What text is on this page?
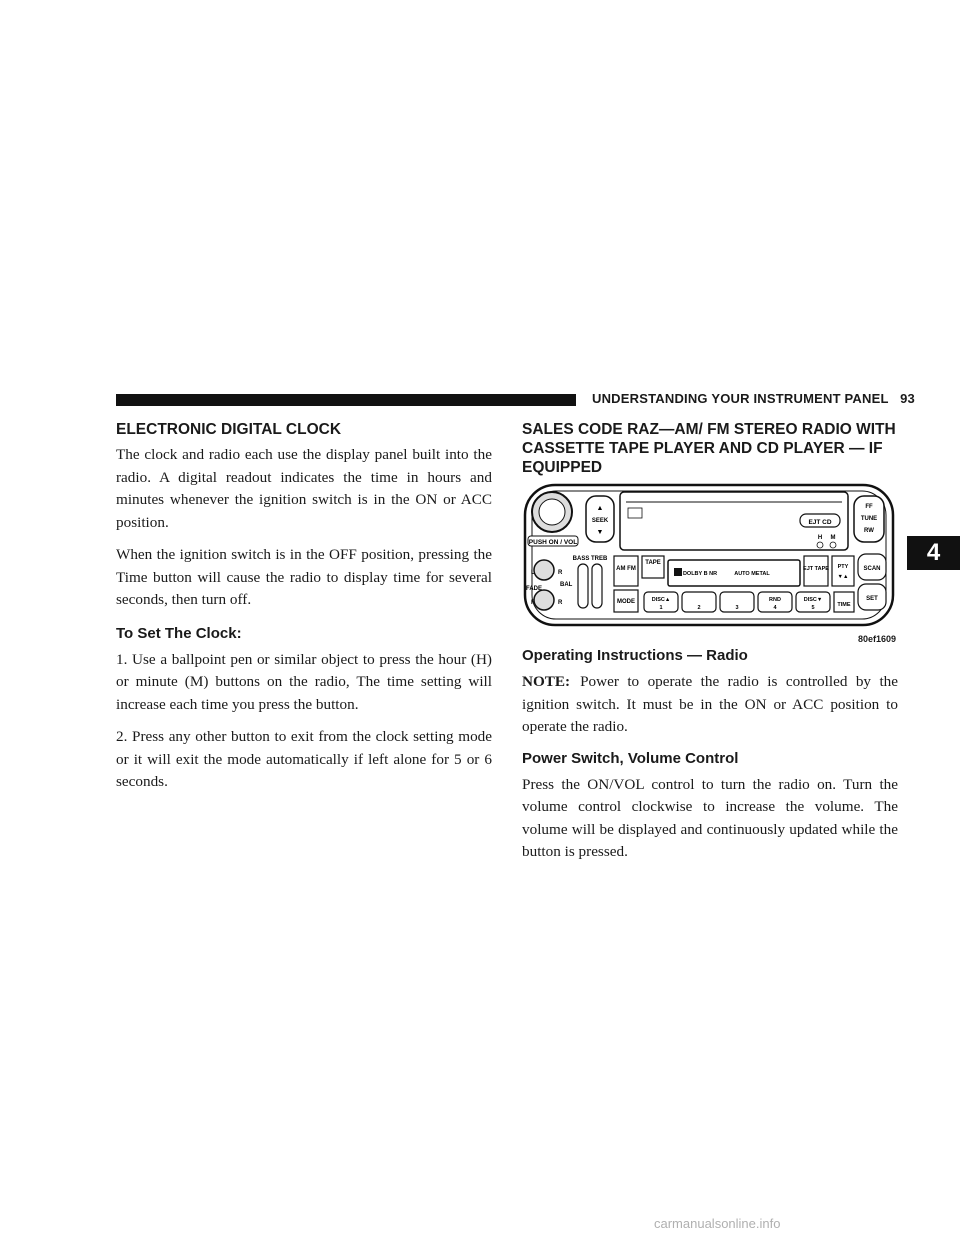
UNDERSTANDING YOUR INSTRUMENT PANEL 93
ELECTRONIC DIGITAL CLOCK

The clock and radio each use the display panel built into the radio. A digital readout indicates the time in hours and minutes whenever the ignition switch is in the ON or ACC position.

When the ignition switch is in the OFF position, pressing the Time button will cause the radio to display time for several seconds, then turn off.

To Set The Clock:

1. Use a ballpoint pen or similar object to press the hour (H) or minute (M) buttons on the radio, The time setting will increase each time you press the button.

2. Press any other button to exit from the clock setting mode or it will exit the mode automatically if left alone for 5 or 6 seconds.

SALES CODE RAZ—AM/ FM STEREO RADIO WITH CASSETTE TAPE PLAYER AND CD PLAYER — IF EQUIPPED
PUSH ON / VOL
▲
SEEK
▼
EJT CD
H M
FF
TUNE
RW
L	R
BAL
FADE
F	R
BASS TREB
AM FM
MODE
TAPE
DOLBY B NR	AUTO METAL
DISC▲
1	2	3
RND
4
DISC▼
5
EJT TAPE PTY
▼▲
TIME
SCAN
SET
80ef1609
Operating Instructions — Radio

NOTE: Power to operate the radio is controlled by the ignition switch. It must be in the ON or ACC position to operate the radio.

Power Switch, Volume Control

Press the ON/VOL control to turn the radio on. Turn the volume control clockwise to increase the volume. The volume will be displayed and continuously updated while the button is pressed.

4
carmanualsonline.info
